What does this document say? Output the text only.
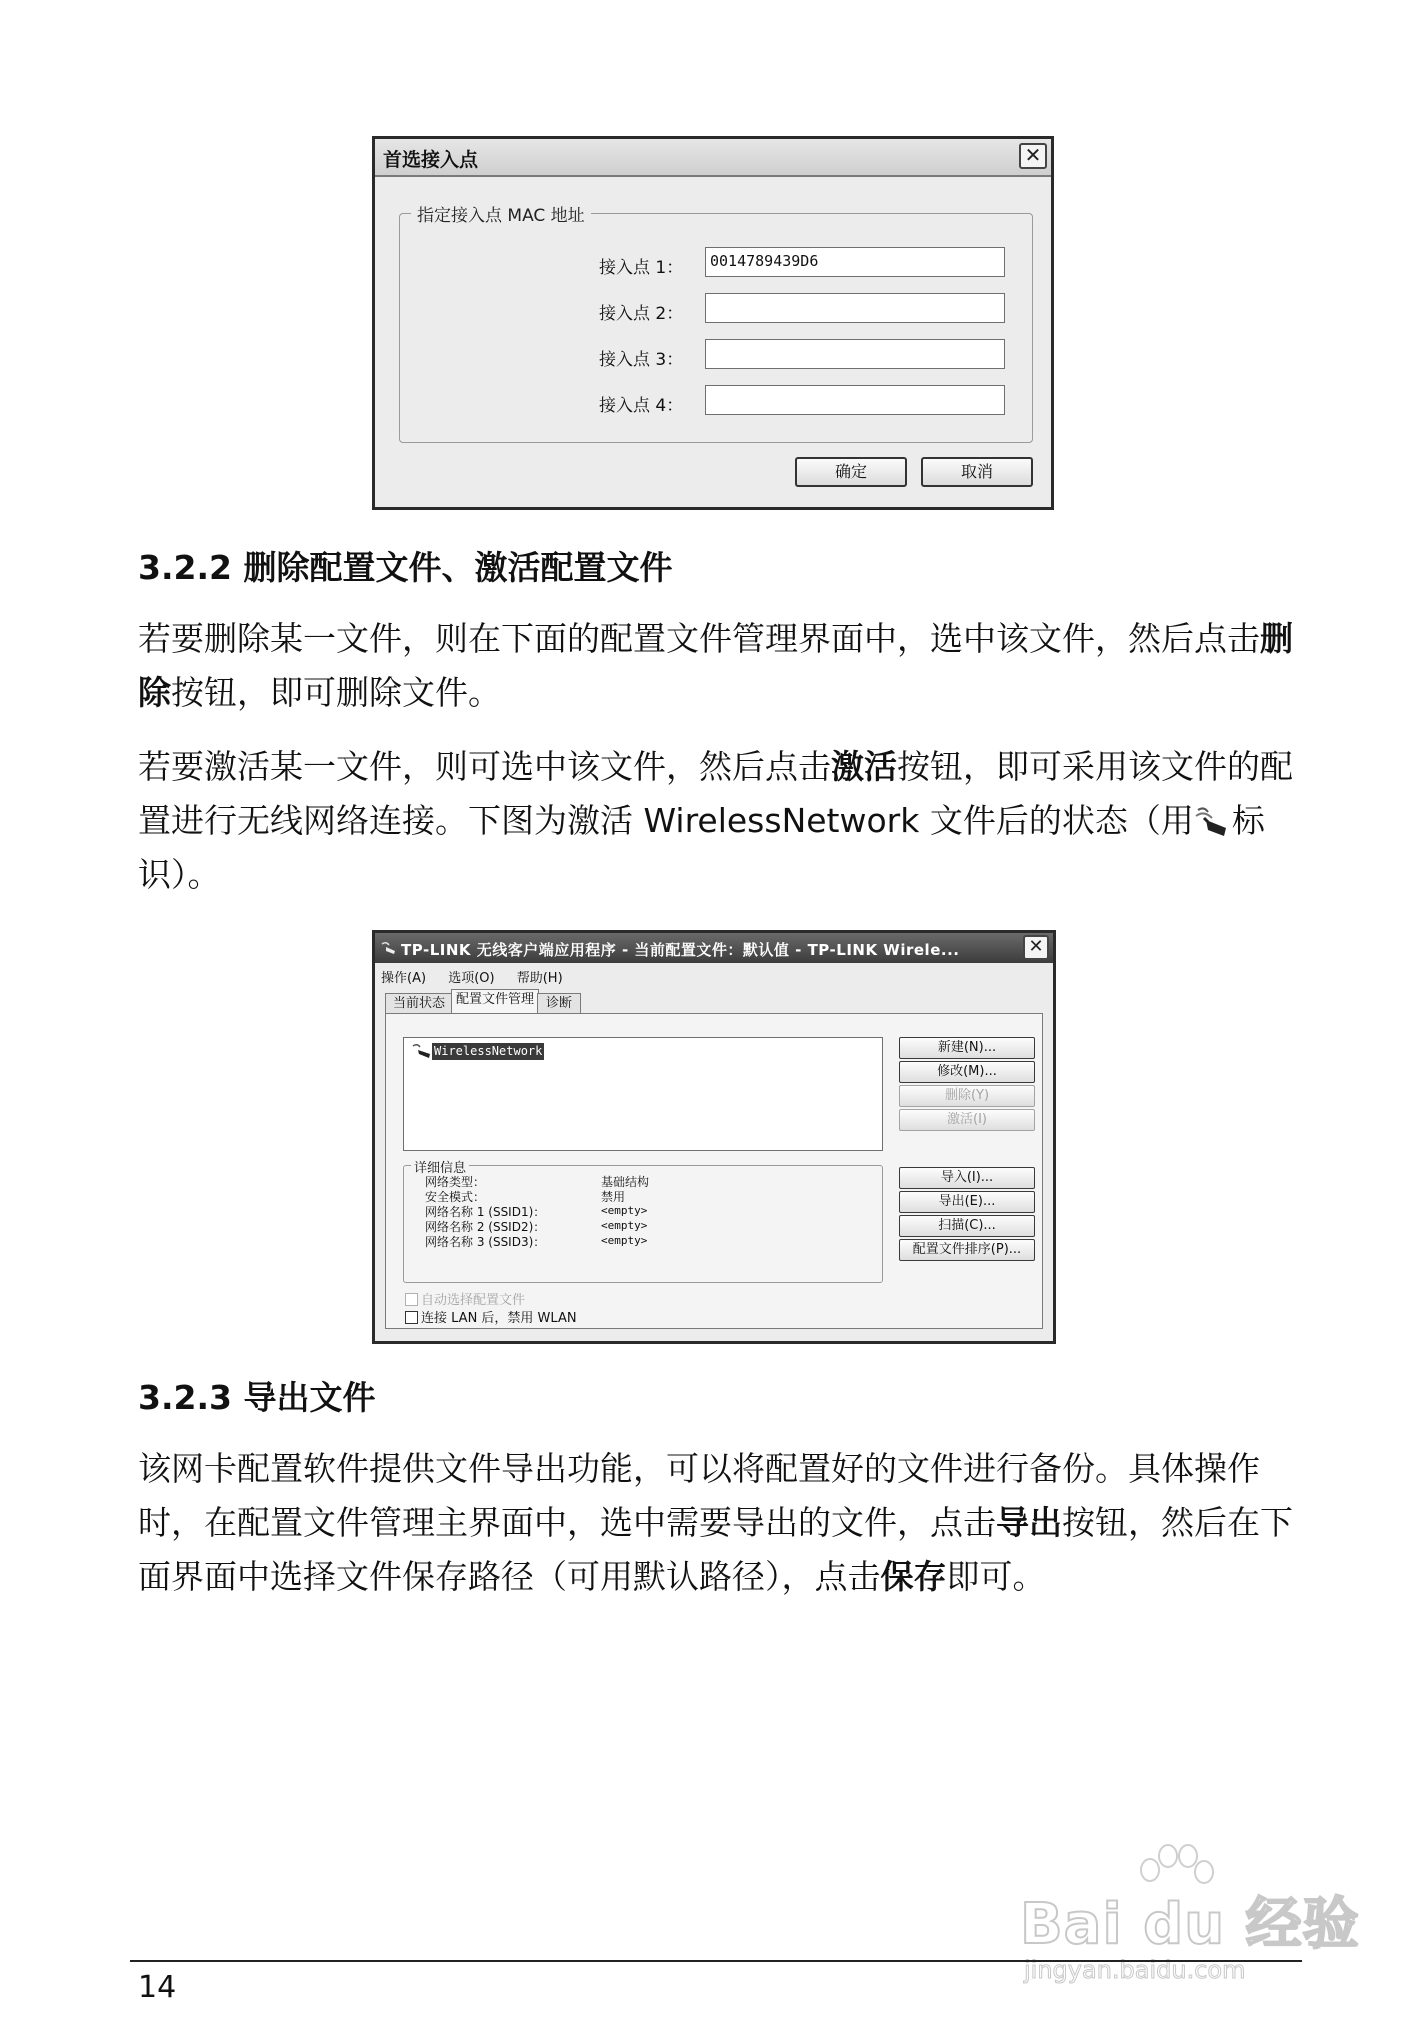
首选接入点	✕
指定接入点 MAC 地址
接入点 1：	0014789439D6
接入点 2：
接入点 3：
接入点 4：
确定	取消
3.2.2 删除配置文件、激活配置文件
若要删除某一文件，则在下面的配置文件管理界面中，选中该文件，然后点击删除按钮，即可删除文件。
若要激活某一文件，则可选中该文件，然后点击激活按钮，即可采用该文件的配置进行无线网络连接。下图为激活 WirelessNetwork 文件后的状态（用 标识）。
TP-LINK 无线客户端应用程序 - 当前配置文件：默认值 - TP-LINK Wirele...	✕
操作(A) 选项(O) 帮助(H)
当前状态 配置文件管理 诊断
WirelessNetwork	新建(N)...
修改(M)...
删除(Y)
激活(I)
详细信息
网络类型：	基础结构
安全模式：	禁用
网络名称 1 (SSID1)：	<empty>
网络名称 2 (SSID2)：	<empty>
网络名称 3 (SSID3)：	<empty>
导入(I)...
导出(E)...
扫描(C)...
配置文件排序(P)...
自动选择配置文件
连接 LAN 后，禁用 WLAN
3.2.3 导出文件
该网卡配置软件提供文件导出功能，可以将配置好的文件进行备份。具体操作时，在配置文件管理主界面中，选中需要导出的文件，点击导出按钮，然后在下面界面中选择文件保存路径（可用默认路径），点击保存即可。
Bai du 经验
jingyan.baidu.com
14
